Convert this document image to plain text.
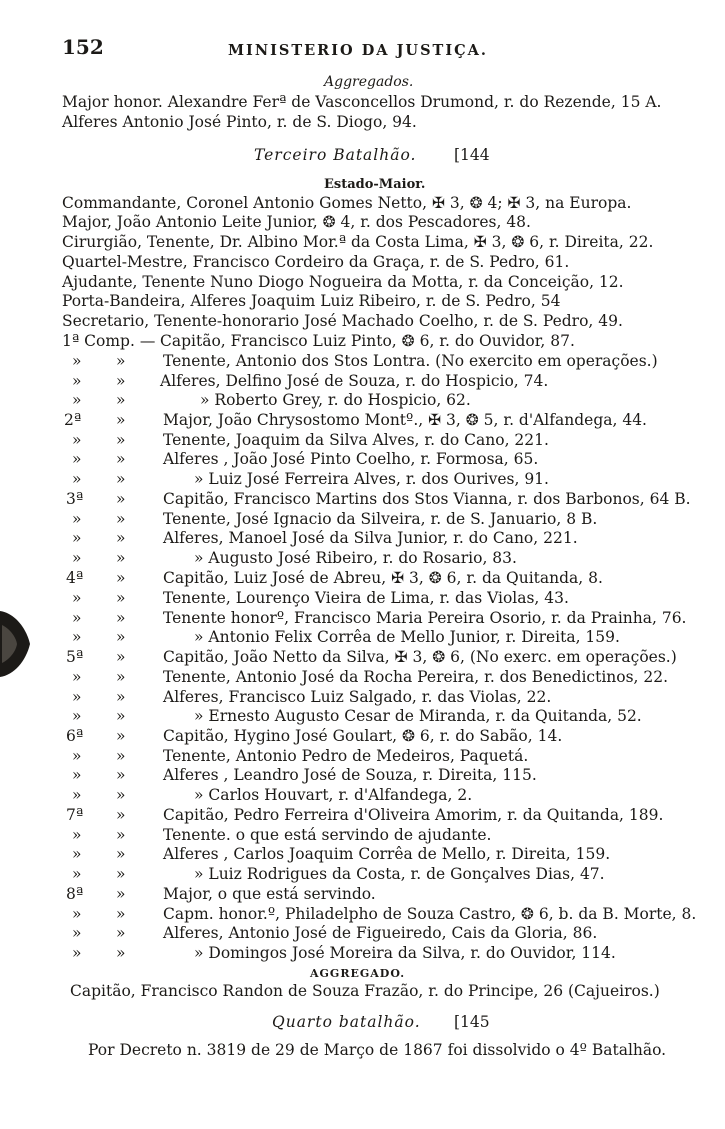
152	MINISTERIO DA JUSTIÇA.
Aggregados.
Major honor. Alexandre Ferª de Vasconcellos Drumond, r. do Rezende, 15 A.
Alferes Antonio José Pinto, r. de S. Diogo, 94.
Terceiro Batalhão. [144
Estado-Maior.
Commandante, Coronel Antonio Gomes Netto, ✠ 3, ❂ 4; ✠ 3, na Europa.
Major, João Antonio Leite Junior, ❂ 4, r. dos Pescadores, 48.
Cirurgião, Tenente, Dr. Albino Mor.ª da Costa Lima, ✠ 3, ❂ 6, r. Direita, 22.
Quartel-Mestre, Francisco Cordeiro da Graça, r. de S. Pedro, 61.
Ajudante, Tenente Nuno Diogo Nogueira da Motta, r. da Conceição, 12.
Porta-Bandeira, Alferes Joaquim Luiz Ribeiro, r. de S. Pedro, 54
Secretario, Tenente-honorario José Machado Coelho, r. de S. Pedro, 49.
1ª Comp. — Capitão, Francisco Luiz Pinto, ❂ 6, r. do Ouvidor, 87.
» » Tenente, Antonio dos Stos Lontra. (No exercito em operações.)
» » Alferes, Delfino José de Souza, r. do Hospicio, 74.
» »	» Roberto Grey, r. do Hospicio, 62.
2ª » Major, João Chrysostomo Montº., ✠ 3, ❂ 5, r. d'Alfandega, 44.
» » Tenente, Joaquim da Silva Alves, r. do Cano, 221.
» » Alferes , João José Pinto Coelho, r. Formosa, 65.
» »	» Luiz José Ferreira Alves, r. dos Ourives, 91.
3ª » Capitão, Francisco Martins dos Stos Vianna, r. dos Barbonos, 64 B.
» » Tenente, José Ignacio da Silveira, r. de S. Januario, 8 B.
» » Alferes, Manoel José da Silva Junior, r. do Cano, 221.
» »	» Augusto José Ribeiro, r. do Rosario, 83.
4ª » Capitão, Luiz José de Abreu, ✠ 3, ❂ 6, r. da Quitanda, 8.
» » Tenente, Lourenço Vieira de Lima, r. das Violas, 43.
» » Tenente honorº, Francisco Maria Pereira Osorio, r. da Prainha, 76.
» »	» Antonio Felix Corrêa de Mello Junior, r. Direita, 159.
5ª » Capitão, João Netto da Silva, ✠ 3, ❂ 6, (No exerc. em operações.)
» » Tenente, Antonio José da Rocha Pereira, r. dos Benedictinos, 22.
» » Alferes, Francisco Luiz Salgado, r. das Violas, 22.
» »	» Ernesto Augusto Cesar de Miranda, r. da Quitanda, 52.
6ª » Capitão, Hygino José Goulart, ❂ 6, r. do Sabão, 14.
» » Tenente, Antonio Pedro de Medeiros, Paquetá.
» » Alferes , Leandro José de Souza, r. Direita, 115.
» »	» Carlos Houvart, r. d'Alfandega, 2.
7ª » Capitão, Pedro Ferreira d'Oliveira Amorim, r. da Quitanda, 189.
» » Tenente. o que está servindo de ajudante.
» » Alferes , Carlos Joaquim Corrêa de Mello, r. Direita, 159.
» »	» Luiz Rodrigues da Costa, r. de Gonçalves Dias, 47.
8ª » Major, o que está servindo.
» » Capm. honor.º, Philadelpho de Souza Castro, ❂ 6, b. da B. Morte, 8.
» » Alferes, Antonio José de Figueiredo, Cais da Gloria, 86.
» »	» Domingos José Moreira da Silva, r. do Ouvidor, 114.
AGGREGADO.
Capitão, Francisco Randon de Souza Frazão, r. do Principe, 26 (Cajueiros.)
Quarto batalhão. [145
Por Decreto n. 3819 de 29 de Março de 1867 foi dissolvido o 4º Batalhão.
